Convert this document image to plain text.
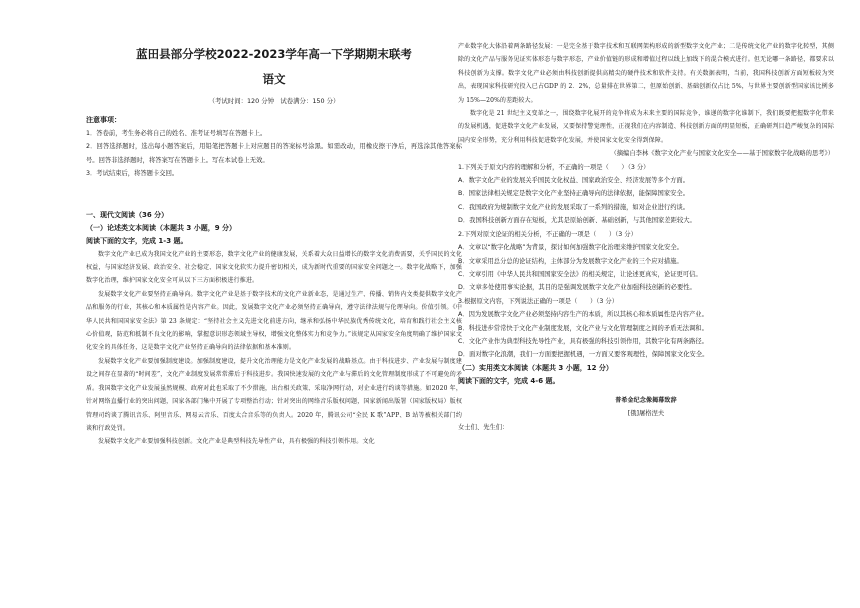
蓝田县部分学校2022-2023学年高一下学期期末联考
语文
（考试时间：120 分钟　试卷满分：150 分）
注意事项：
1．答卷前，考生务必将自己的姓名、准考证号填写在答题卡上。
2．回答选择题时，选出每小题答案后，用铅笔把答题卡上对应题目的答案标号涂黑。如需改动，用橡皮擦干净后，再选涂其他答案标号。回答非选择题时，将答案写在答题卡上。写在本试卷上无效。
3．考试结束后，将答题卡交回。
一、现代文阅读（36 分）
（一）论述类文本阅读（本题共 3 小题，9 分）
阅读下面的文字，完成 1-3 题。
数字文化产业已成为我国文化产业的主要形态，数字文化产业的健康发展，关系着大众日益增长的数字文化消费需要，关乎国民的文化权益，与国家经济发展、政治安全、社会稳定、国家文化软实力提升密切相关，成为新时代重要的国家安全问题之一。数字化战略下，加强数字化治理，维护国家文化安全可从以下三方面积极进行推进。
发展数字文化产业要坚持正确导向。数字文化产业是基于数字技术的文化产业新业态，是通过生产、传播、销售内文类提供数字文化产品和服务的行业，其核心和本质属性是内容产业。因此，发展数字文化产业必须坚持正确导向，遵守法律法规与伦理导向。价值引领。《中华人民共和国国家安全法》第 23 条规定：“坚持社会主义先进文化前进方向，继承和弘扬中华民族优秀传统文化，培育和践行社会主义核心价值观，防范和抵制不良文化的影响，掌握意识形态领域主导权，增强文化整体实力和竞争力。”该规定从国家安全角度明确了维护国家文化安全的具体任务，这是数字文化产业坚持正确导向的法律依据和基本准则。
发展数字文化产业要加强制度建设。加强制度建设，提升文化治理能力是文化产业发展的战略基点。由于科技进步、产业发展与制度建设之间存在显著的“时间差”，文化产业制度发展常常滞后于科技进步。我国快速发展的文化产业与滞后的文化管理制度形成了不可避免的矛盾。我国数字文化产业发展虽然规模、政府对此也采取了不少措施，出台相关政策、采取净网行动，对企业进行约谈等措施。如2020 年，针对网络直播行业的突出问题，国家各部门集中开展了专项整治行动；针对突出的网络音乐版权问题，国家新闻出版署（国家版权局）版权管理司约谈了腾讯音乐、阿里音乐、网易云音乐、百度太合音乐等的负责人。2020 年，腾讯公司“全民 K 歌”APP、B 站等被相关部门约谈和行政处罚。
发展数字文化产业要加强科技创新。文化产业是典型科技先导性产业，具有极强的科技引领作用。文化
产业数字化大体沿着两条路径发展：一是完全基于数字技术和互联网架构形成的新型数字文化产业；二是传统文化产业的数字化转型，其侧除的文化产品与服务见证实体形态与数字形态，产业价值链的形成和增值过程以线上加线下的混合模式进行。但无论哪一条路径，都要求以科技创新为支撑。数字文化产业必须由科技创新提供高精尖的硬件技术和软件支持。有关数据表明，当前，我国科技创新方面短板较为突出，表现国家科技研究投入已占GDP 的 2．2%，总量排在世界第二，但原始创新、基础创新仅占比 5%，与世界主要创新型国家该比例多为 15%—20%的差距较大。
数字化是 21 世纪主义变革之一，围绕数字化展开的竞争将成为未来主要的国际竞争，谁递的数字化谁制下，我们既要把握数字化带来的发展机遇，促进数字文化产业发展，又要保持警觉理性，正视我们在内容制造、科技创新方面的明显短板，正确研判目趋严峻复杂的国际国内安全形势，充分利用科技促进数字化发展，并使国家文化安全得到保障。
（摘编自李林《数字文化产业与国家文化安全——基于国家数字化战略的思考》）
1.下列关于原文内容的理解和分析，不正确的一项是（　　）（3 分）
A．数字文化产业的发展关乎国民文化权益、国家政治安全、经济发展等多个方面。
B．国家法律相关规定是数字文化产业坚持正确导向的法律依据，能保障国家安全。
C．我国政府为规制数字文化产业的发展采取了一系列的措施，如对企业进行约谈。
D．我国科技创新方面存在短板，尤其是原始创新、基础创新，与其他国家差距较大。
2.下列对原文论证的相关分析，不正确的一项是（　　）（3 分）
A．文章以“数字化战略”为背景，探讨如何加强数字化治理来维护国家文化安全。
B．文章采用总分总的论证结构，主体部分为发展数字文化产业的三个应对措施。
C．文章引用《中华人民共和国国家安全法》的相关规定，让论述更真实，论证更可信。
D．文章多处使用事实论据，其目的是强调发展数字文化产业加强科技创新的必要性。
3.根据原文内容，下列说法正确的一项是（　　）（3 分）
A．因为发展数字文化产业必须坚持内容生产的本质，所以其核心和本质属性是内容产业。
B．科技进步常常快于文化产业制度发展，文化产业与文化管理制度之间的矛盾无法调和。
C．文化产业作为典型科技先导性产业，具有极强的科技引领作用，其数字化有两条路径。
D．面对数字化浪潮，我们一方面要把握机遇，一方面又要客观理性，保障国家文化安全。
（二）实用类文本阅读（本题共 3 小题，12 分）
阅读下面的文字，完成 4-6 题。
普希金纪念像揭幕致辞
[俄]屠格涅夫
女士们、先生们：
